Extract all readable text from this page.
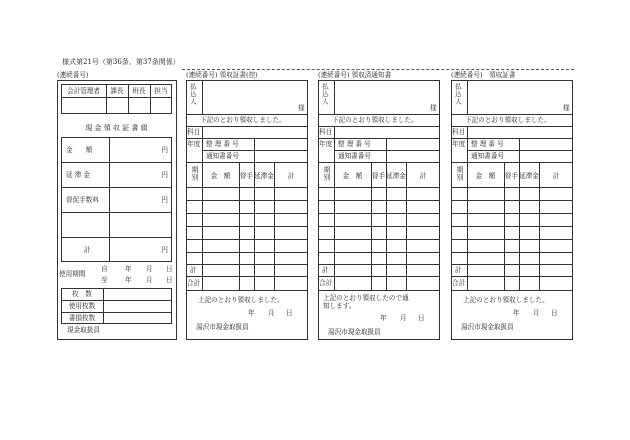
様式第21号（第36条、第37条関係）
(連続番号)
会計管理者	課長	班長	担当
現 金 領 収 証 書 綴
金　　額	円
延 滞 金	円
督促手数料	円
計	円
使用期間
自	年 月 日
至	年 月 日
枚　数
使用枚数
書損枚数
現金取扱員
(連続番号) 領収証書(控)
払込人
様
下記のとおり領収しました。
科目
年度 整 理 番 号
通知書番号
期別	金　額	督手 延滞金	計
計
合計
上記のとおり領収しました。
年 月 日
湯沢市現金取扱員
(連続番号) 領収済通知書
払込人
様
下記のとおり領収しました。
科目
年度 整 理 番 号
通知書番号
期別	金　額	督手 延滞金	計
計
合計
上記のとおり領収したので通
知します。
年 月 日
湯沢市現金取扱員
(連続番号)　領収証書
払込人
様
下記のとおり領収しました。
科目
年度 整 理 番 号
通知書番号
期別	金　額	督手 延滞金	計
計
合計
上記のとおり領収しました。
年 月 日
湯沢市現金取扱員
